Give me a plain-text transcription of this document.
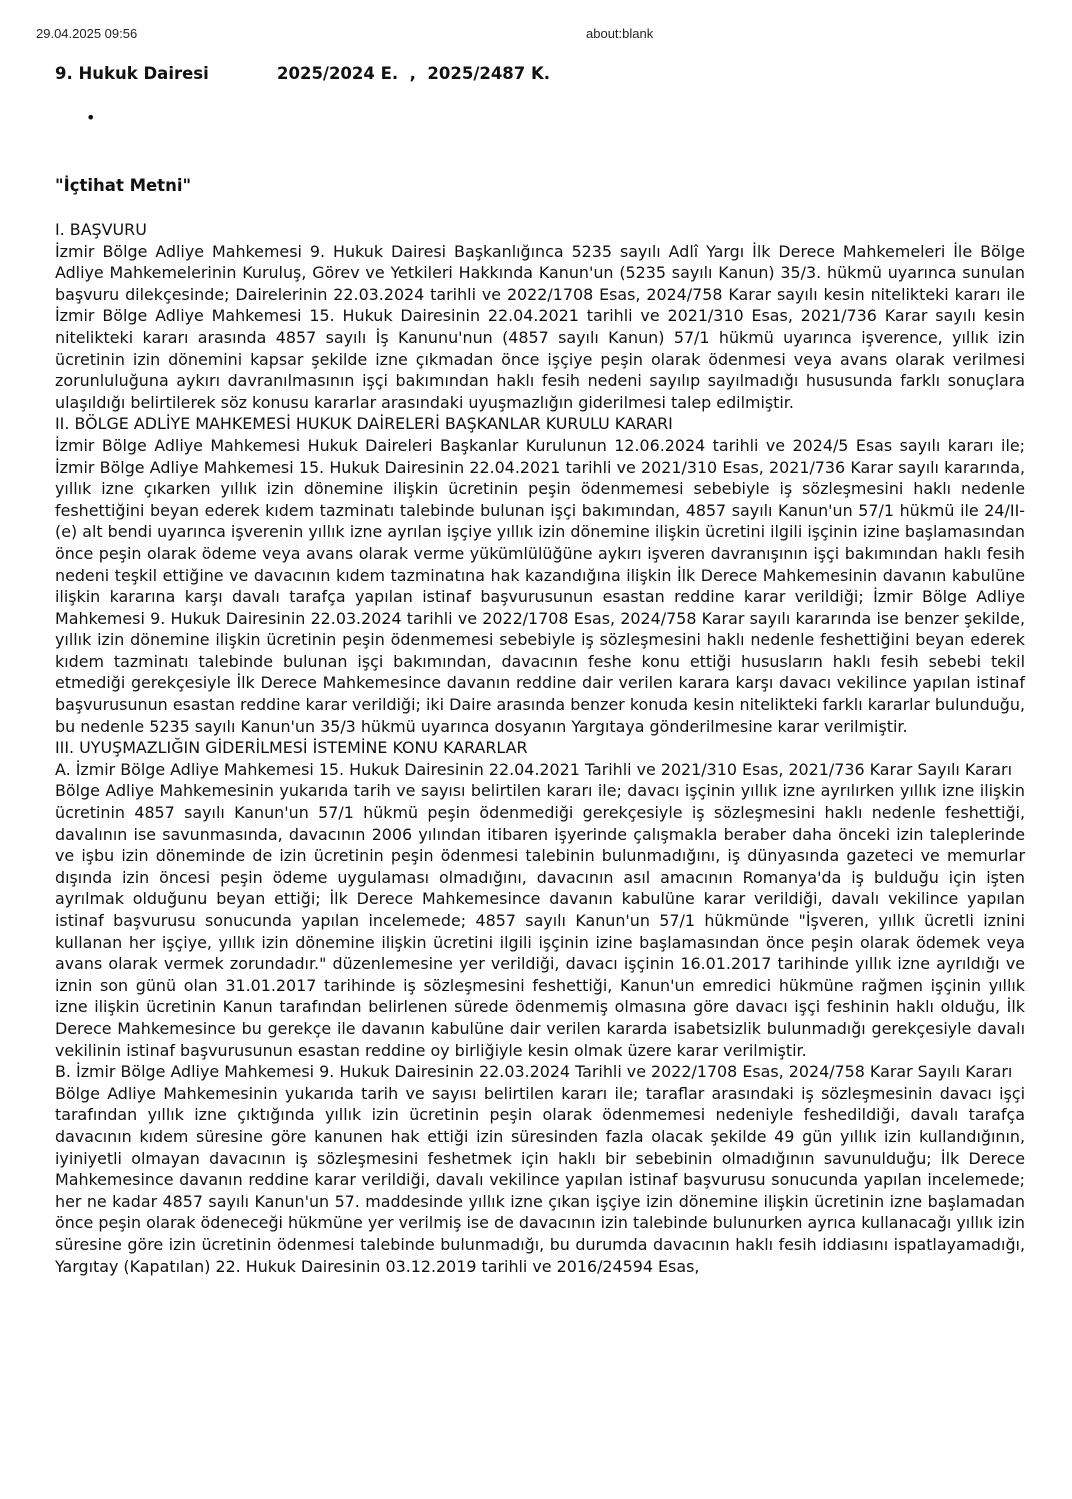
29.04.2025 09:56	about:blank
9. Hukuk Dairesi	2025/2024 E.  ,  2025/2487 K.
•
"İçtihat Metni"

I. BAŞVURU

İzmir Bölge Adliye Mahkemesi 9. Hukuk Dairesi Başkanlığınca 5235 sayılı Adlî Yargı İlk Derece Mahkemeleri İle Bölge Adliye Mahkemelerinin Kuruluş, Görev ve Yetkileri Hakkında Kanun'un (5235 sayılı Kanun) 35/3. hükmü uyarınca sunulan başvuru dilekçesinde; Dairelerinin 22.03.2024 tarihli ve 2022/1708 Esas, 2024/758 Karar sayılı kesin nitelikteki kararı ile İzmir Bölge Adliye Mahkemesi 15. Hukuk Dairesinin 22.04.2021 tarihli ve 2021/310 Esas, 2021/736 Karar sayılı kesin nitelikteki kararı arasında 4857 sayılı İş Kanunu'nun (4857 sayılı Kanun) 57/1 hükmü uyarınca işverence, yıllık izin ücretinin izin dönemini kapsar şekilde izne çıkmadan önce işçiye peşin olarak ödenmesi veya avans olarak verilmesi zorunluluğuna aykırı davranılmasının işçi bakımından haklı fesih nedeni sayılıp sayılmadığı hususunda farklı sonuçlara ulaşıldığı belirtilerek söz konusu kararlar arasındaki uyuşmazlığın giderilmesi talep edilmiştir.

II. BÖLGE ADLİYE MAHKEMESİ HUKUK DAİRELERİ BAŞKANLAR KURULU KARARI

İzmir Bölge Adliye Mahkemesi Hukuk Daireleri Başkanlar Kurulunun 12.06.2024 tarihli ve 2024/5 Esas sayılı kararı ile; İzmir Bölge Adliye Mahkemesi 15. Hukuk Dairesinin 22.04.2021 tarihli ve 2021/310 Esas, 2021/736 Karar sayılı kararında, yıllık izne çıkarken yıllık izin dönemine ilişkin ücretinin peşin ödenmemesi sebebiyle iş sözleşmesini haklı nedenle feshettiğini beyan ederek kıdem tazminatı talebinde bulunan işçi bakımından, 4857 sayılı Kanun'un 57/1 hükmü ile 24/II-(e) alt bendi uyarınca işverenin yıllık izne ayrılan işçiye yıllık izin dönemine ilişkin ücretini ilgili işçinin izine başlamasından önce peşin olarak ödeme veya avans olarak verme yükümlülüğüne aykırı işveren davranışının işçi bakımından haklı fesih nedeni teşkil ettiğine ve davacının kıdem tazminatına hak kazandığına ilişkin İlk Derece Mahkemesinin davanın kabulüne ilişkin kararına karşı davalı tarafça yapılan istinaf başvurusunun esastan reddine karar verildiği; İzmir Bölge Adliye Mahkemesi 9. Hukuk Dairesinin 22.03.2024 tarihli ve 2022/1708 Esas, 2024/758 Karar sayılı kararında ise benzer şekilde, yıllık izin dönemine ilişkin ücretinin peşin ödenmemesi sebebiyle iş sözleşmesini haklı nedenle feshettiğini beyan ederek kıdem tazminatı talebinde bulunan işçi bakımından, davacının feshe konu ettiği hususların haklı fesih sebebi tekil etmediği gerekçesiyle İlk Derece Mahkemesince davanın reddine dair verilen karara karşı davacı vekilince yapılan istinaf başvurusunun esastan reddine karar verildiği; iki Daire arasında benzer konuda kesin nitelikteki farklı kararlar bulunduğu, bu nedenle 5235 sayılı Kanun'un 35/3 hükmü uyarınca dosyanın Yargıtaya gönderilmesine karar verilmiştir.

III. UYUŞMAZLIĞIN GİDERİLMESİ İSTEMİNE KONU KARARLAR

A. İzmir Bölge Adliye Mahkemesi 15. Hukuk Dairesinin 22.04.2021 Tarihli ve 2021/310 Esas, 2021/736 Karar Sayılı Kararı

Bölge Adliye Mahkemesinin yukarıda tarih ve sayısı belirtilen kararı ile; davacı işçinin yıllık izne ayrılırken yıllık izne ilişkin ücretinin 4857 sayılı Kanun'un 57/1 hükmü peşin ödenmediği gerekçesiyle iş sözleşmesini haklı nedenle feshettiği, davalının ise savunmasında, davacının 2006 yılından itibaren işyerinde çalışmakla beraber daha önceki izin taleplerinde ve işbu izin döneminde de izin ücretinin peşin ödenmesi talebinin bulunmadığını, iş dünyasında gazeteci ve memurlar dışında izin öncesi peşin ödeme uygulaması olmadığını, davacının asıl amacının Romanya'da iş bulduğu için işten ayrılmak olduğunu beyan ettiği; İlk Derece Mahkemesince davanın kabulüne karar verildiği, davalı vekilince yapılan istinaf başvurusu sonucunda yapılan incelemede; 4857 sayılı Kanun'un 57/1 hükmünde "İşveren, yıllık ücretli iznini kullanan her işçiye, yıllık izin dönemine ilişkin ücretini ilgili işçinin izine başlamasından önce peşin olarak ödemek veya avans olarak vermek zorundadır." düzenlemesine yer verildiği, davacı işçinin 16.01.2017 tarihinde yıllık izne ayrıldığı ve iznin son günü olan 31.01.2017 tarihinde iş sözleşmesini feshettiği, Kanun'un emredici hükmüne rağmen işçinin yıllık izne ilişkin ücretinin Kanun tarafından belirlenen sürede ödenmemiş olmasına göre davacı işçi feshinin haklı olduğu, İlk Derece Mahkemesince bu gerekçe ile davanın kabulüne dair verilen kararda isabetsizlik bulunmadığı gerekçesiyle davalı vekilinin istinaf başvurusunun esastan reddine oy birliğiyle kesin olmak üzere karar verilmiştir.

B. İzmir Bölge Adliye Mahkemesi 9. Hukuk Dairesinin 22.03.2024 Tarihli ve 2022/1708 Esas, 2024/758 Karar Sayılı Kararı

Bölge Adliye Mahkemesinin yukarıda tarih ve sayısı belirtilen kararı ile; taraflar arasındaki iş sözleşmesinin davacı işçi tarafından yıllık izne çıktığında yıllık izin ücretinin peşin olarak ödenmemesi nedeniyle feshedildiği, davalı tarafça davacının kıdem süresine göre kanunen hak ettiği izin süresinden fazla olacak şekilde 49 gün yıllık izin kullandığının, iyiniyetli olmayan davacının iş sözleşmesini feshetmek için haklı bir sebebinin olmadığının savunulduğu; İlk Derece Mahkemesince davanın reddine karar verildiği, davalı vekilince yapılan istinaf başvurusu sonucunda yapılan incelemede; her ne kadar 4857 sayılı Kanun'un 57. maddesinde yıllık izne çıkan işçiye izin dönemine ilişkin ücretinin izne başlamadan önce peşin olarak ödeneceği hükmüne yer verilmiş ise de davacının izin talebinde bulunurken ayrıca kullanacağı yıllık izin süresine göre izin ücretinin ödenmesi talebinde bulunmadığı, bu durumda davacının haklı fesih iddiasını ispatlayamadığı, Yargıtay (Kapatılan) 22. Hukuk Dairesinin 03.12.2019 tarihli ve 2016/24594 Esas,
